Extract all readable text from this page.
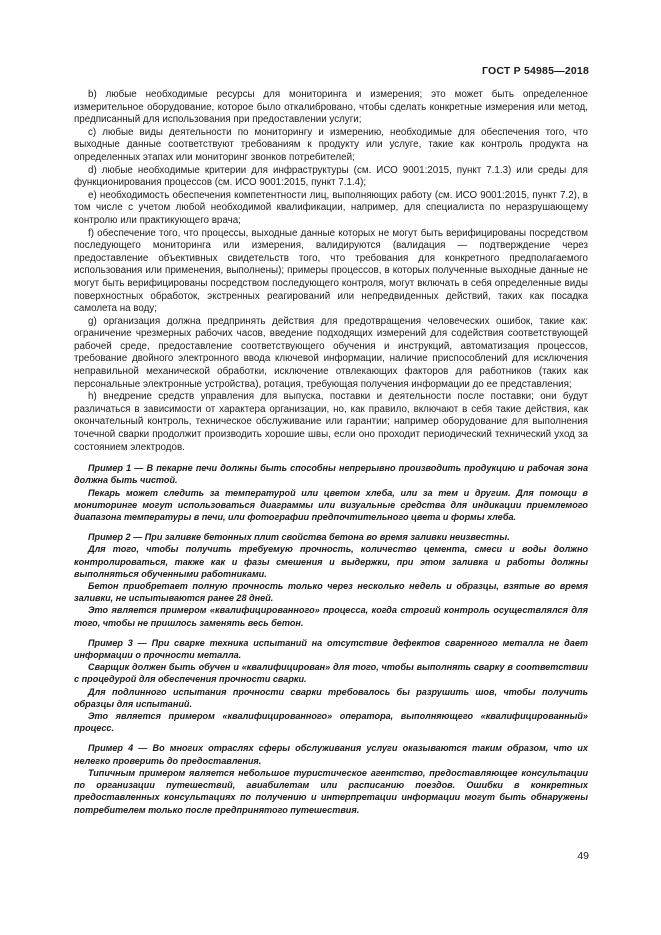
ГОСТ Р 54985—2018

b) любые необходимые ресурсы для мониторинга и измерения; это может быть определенное измерительное оборудование, которое было откалибровано, чтобы сделать конкретные измерения или метод, предписанный для использования при предоставлении услуги;

c) любые виды деятельности по мониторингу и измерению, необходимые для обеспечения того, что выходные данные соответствуют требованиям к продукту или услуге, такие как контроль продукта на определенных этапах или мониторинг звонков потребителей;

d) любые необходимые критерии для инфраструктуры (см. ИСО 9001:2015, пункт 7.1.3) или среды для функционирования процессов (см. ИСО 9001:2015, пункт 7.1.4);

e) необходимость обеспечения компетентности лиц, выполняющих работу (см. ИСО 9001:2015, пункт 7.2), в том числе с учетом любой необходимой квалификации, например, для специалиста по неразрушающему контролю или практикующего врача;

f) обеспечение того, что процессы, выходные данные которых не могут быть верифицированы посредством последующего мониторинга или измерения, валидируются (валидация — подтверждение через предоставление объективных свидетельств того, что требования для конкретного предполагаемого использования или применения, выполнены); примеры процессов, в которых полученные выходные данные не могут быть верифицированы посредством последующего контроля, могут включать в себя определенные виды поверхностных обработок, экстренных реагирований или непредвиденных действий, таких как посадка самолета на воду;

g) организация должна предпринять действия для предотвращения человеческих ошибок, такие как: ограничение чрезмерных рабочих часов, введение подходящих измерений для содействия соответствующей рабочей среде, предоставление соответствующего обучения и инструкций, автоматизация процессов, требование двойного электронного ввода ключевой информации, наличие приспособлений для исключения неправильной механической обработки, исключение отвлекающих факторов для работников (таких как персональные электронные устройства), ротация, требующая получения информации до ее представления;

h) внедрение средств управления для выпуска, поставки и деятельности после поставки; они будут различаться в зависимости от характера организации, но, как правило, включают в себя такие действия, как окончательный контроль, техническое обслуживание или гарантии; например оборудование для выполнения точечной сварки продолжит производить хорошие швы, если оно проходит периодический технический уход за состоянием электродов.

Пример 1 — В пекарне печи должны быть способны непрерывно производить продукцию и рабочая зона должна быть чистой.

Пекарь может следить за температурой или цветом хлеба, или за тем и другим. Для помощи в мониторинге могут использоваться диаграммы или визуальные средства для индикации приемлемого диапазона температуры в печи, или фотографии предпочтительного цвета и формы хлеба.

Пример 2 — При заливке бетонных плит свойства бетона во время заливки неизвестны.

Для того, чтобы получить требуемую прочность, количество цемента, смеси и воды должно контролироваться, также как и фазы смешения и выдержки, при этом заливка и работы должны выполняться обученными работниками.

Бетон приобретает полную прочность только через несколько недель и образцы, взятые во время заливки, не испытываются ранее 28 дней.

Это является примером «квалифицированного» процесса, когда строгий контроль осуществлялся для того, чтобы не пришлось заменять весь бетон.

Пример 3 — При сварке техника испытаний на отсутствие дефектов сваренного металла не дает информации о прочности металла.

Сварщик должен быть обучен и «квалифицирован» для того, чтобы выполнять сварку в соответствии с процедурой для обеспечения прочности сварки.

Для подлинного испытания прочности сварки требовалось бы разрушить шов, чтобы получить образцы для испытаний.

Это является примером «квалифицированного» оператора, выполняющего «квалифицированный» процесс.

Пример 4 — Во многих отраслях сферы обслуживания услуги оказываются таким образом, что их нелегко проверить до предоставления.

Типичным примером является небольшое туристическое агентство, предоставляющее консультации по организации путешествий, авиабилетам или расписанию поездов. Ошибки в конкретных предоставленных консультациях по получению и интерпретации информации могут быть обнаружены потребителем только после предпринятого путешествия.

49
